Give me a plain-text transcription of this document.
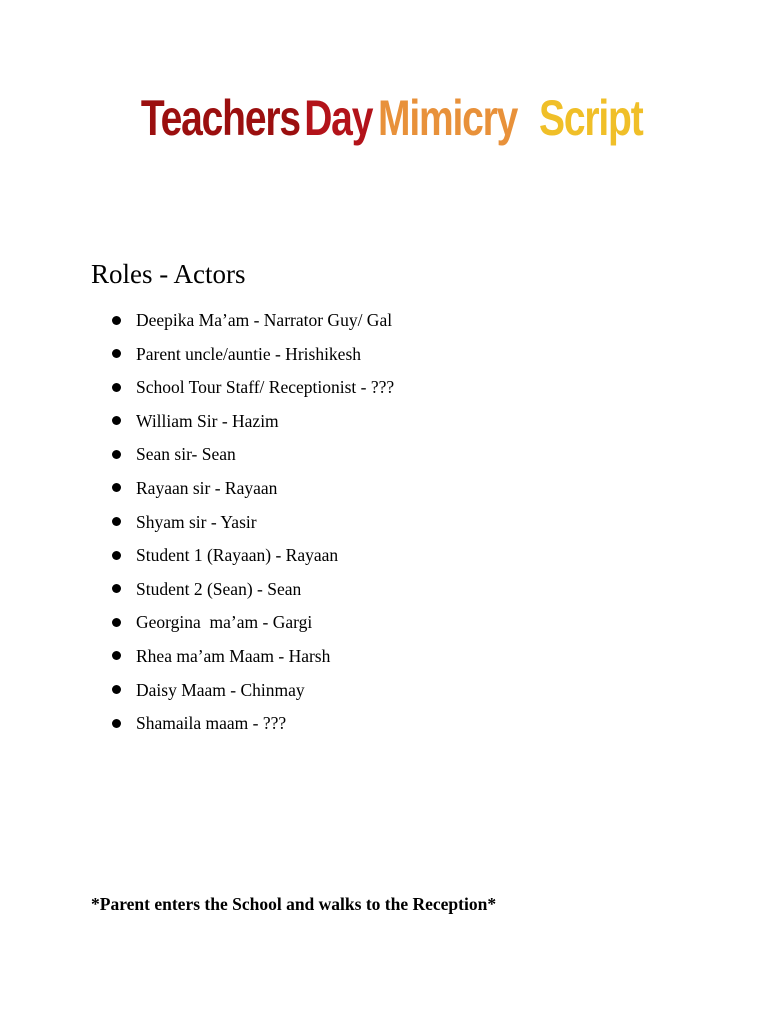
Teachers Day Mimicry Script
Roles - Actors
Deepika Ma’am - Narrator Guy/ Gal
Parent uncle/auntie - Hrishikesh
School Tour Staff/ Receptionist - ???
William Sir - Hazim
Sean sir- Sean
Rayaan sir - Rayaan
Shyam sir - Yasir
Student 1 (Rayaan) - Rayaan
Student 2 (Sean) - Sean
Georgina  ma’am - Gargi
Rhea ma’am Maam - Harsh
Daisy Maam - Chinmay
Shamaila maam - ???
*Parent enters the School and walks to the Reception*
